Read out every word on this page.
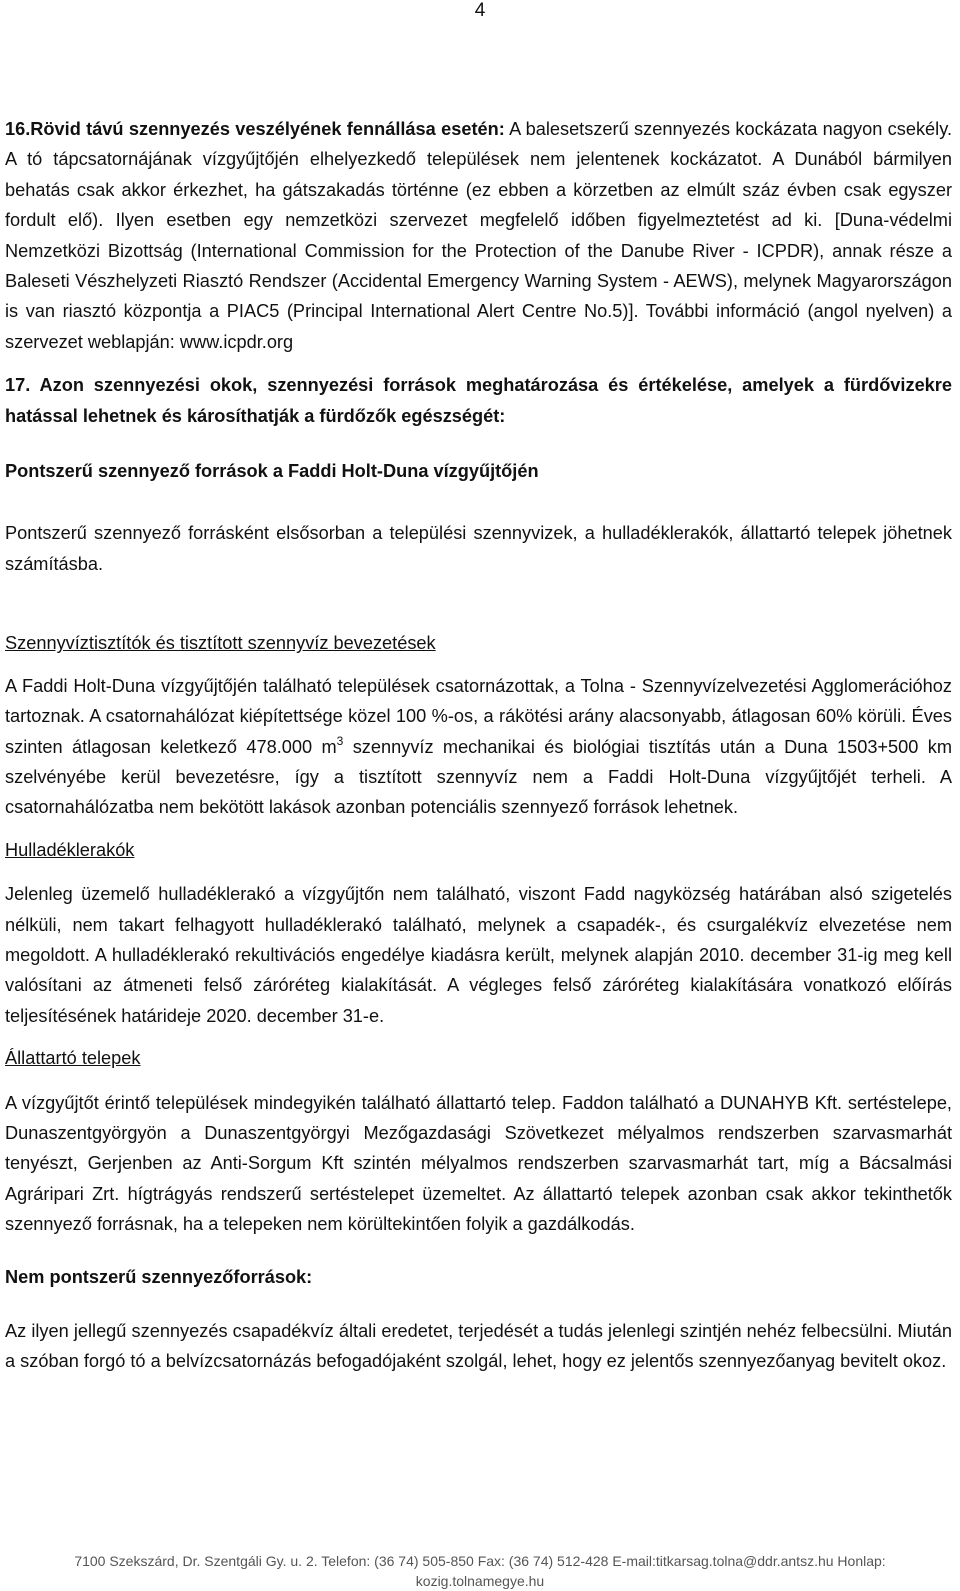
4

16.Rövid távú szennyezés veszélyének fennállása esetén: A balesetszerű szennyezés kockázata nagyon csekély. A tó tápcsatornájának vízgyűjtőjén elhelyezkedő települések nem jelentenek kockázatot. A Dunából bármilyen behatás csak akkor érkezhet, ha gátszakadás történne (ez ebben a körzetben az elmúlt száz évben csak egyszer fordult elő). Ilyen esetben egy nemzetközi szervezet megfelelő időben figyelmeztetést ad ki. [Duna-védelmi Nemzetközi Bizottság (International Commission for the Protection of the Danube River - ICPDR), annak része a Baleseti Vészhelyzeti Riasztó Rendszer (Accidental Emergency Warning System - AEWS), melynek Magyarországon is van riasztó központja a PIAC5 (Principal International Alert Centre No.5)]. További információ (angol nyelven) a szervezet weblapján: www.icpdr.org

17. Azon szennyezési okok, szennyezési források meghatározása és értékelése, amelyek a fürdővizekre hatással lehetnek és károsíthatják a fürdőzők egészségét:

Pontszerű szennyező források a Faddi Holt-Duna vízgyűjtőjén

Pontszerű szennyező forrásként elsősorban a települési szennyvizek, a hulladéklerakók, állattartó telepek jöhetnek számításba.

Szennyvíztisztítók és tisztított szennyvíz bevezetések

A Faddi Holt-Duna vízgyűjtőjén található települések csatornázottak, a Tolna - Szennyvízelvezetési Agglomerációhoz tartoznak. A csatornahálózat kiépítettsége közel 100 %-os, a rákötési arány alacsonyabb, átlagosan 60% körüli. Éves szinten átlagosan keletkező 478.000 $m^3$ szennyvíz mechanikai és biológiai tisztítás után a Duna 1503+500 km szelvényébe kerül bevezetésre, így a tisztított szennyvíz nem a Faddi Holt-Duna vízgyűjtőjét terheli. A csatornahálózatba nem bekötött lakások azonban potenciális szennyező források lehetnek.

Hulladéklerakók

Jelenleg üzemelő hulladéklerakó a vízgyűjtőn nem található, viszont Fadd nagyközség határában alsó szigetelés nélküli, nem takart felhagyott hulladéklerakó található, melynek a csapadék-, és csurgalékvíz elvezetése nem megoldott. A hulladéklerakó rekultivációs engedélye kiadásra került, melynek alapján 2010. december 31-ig meg kell valósítani az átmeneti felső záróréteg kialakítását. A végleges felső záróréteg kialakítására vonatkozó előírás teljesítésének határideje 2020. december 31-e.

Állattartó telepek

A vízgyűjtőt érintő települések mindegyikén található állattartó telep. Faddon található a DUNAHYB Kft. sertéstelepe, Dunaszentgyörgyön a Dunaszentgyörgyi Mezőgazdasági Szövetkezet mélyalmos rendszerben szarvasmarhát tenyészt, Gerjenben az Anti-Sorgum Kft szintén mélyalmos rendszerben szarvasmarhát tart, míg a Bácsalmási Agráripari Zrt. hígtrágyás rendszerű sertéstelepet üzemeltet. Az állattartó telepek azonban csak akkor tekinthetők szennyező forrásnak, ha a telepeken nem körültekintően folyik a gazdálkodás.

Nem pontszerű szennyezőforrások:

Az ilyen jellegű szennyezés csapadékvíz általi eredetet, terjedését a tudás jelenlegi szintjén nehéz felbecsülni. Miután a szóban forgó tó a belvízcsatornázás befogadójaként szolgál, lehet, hogy ez jelentős szennyezőanyag bevitelt okoz.

7100 Szekszárd, Dr. Szentgáli Gy. u. 2. Telefon: (36 74) 505-850 Fax: (36 74) 512-428 E-mail:titkarsag.tolna@ddr.antsz.hu Honlap:
kozig.tolnamegye.hu
